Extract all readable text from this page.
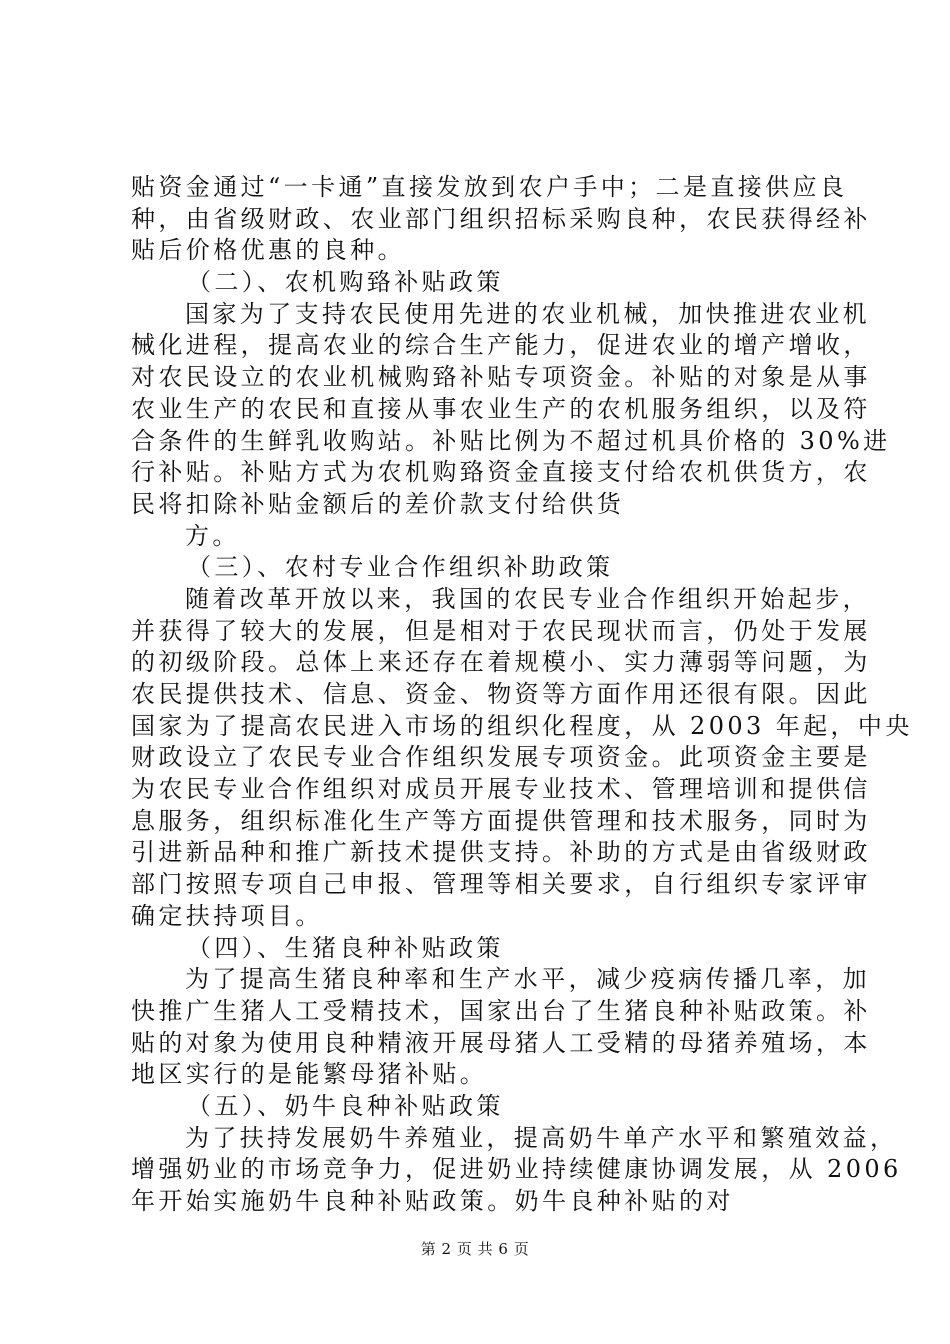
贴资金通过“一卡通”直接发放到农户手中；二是直接供应良
种，由省级财政、农业部门组织招标采购良种，农民获得经补
贴后价格优惠的良种。
（二）、农机购臵补贴政策
国家为了支持农民使用先进的农业机械，加快推进农业机
械化进程，提高农业的综合生产能力，促进农业的增产增收，
对农民设立的农业机械购臵补贴专项资金。补贴的对象是从事
农业生产的农民和直接从事农业生产的农机服务组织，以及符
合条件的生鲜乳收购站。补贴比例为不超过机具价格的 30%进
行补贴。补贴方式为农机购臵资金直接支付给农机供货方，农
民将扣除补贴金额后的差价款支付给供货
方。
（三）、农村专业合作组织补助政策
随着改革开放以来，我国的农民专业合作组织开始起步，
并获得了较大的发展，但是相对于农民现状而言，仍处于发展
的初级阶段。总体上来还存在着规模小、实力薄弱等问题，为
农民提供技术、信息、资金、物资等方面作用还很有限。因此
国家为了提高农民进入市场的组织化程度，从 2003 年起，中央
财政设立了农民专业合作组织发展专项资金。此项资金主要是
为农民专业合作组织对成员开展专业技术、管理培训和提供信
息服务，组织标准化生产等方面提供管理和技术服务，同时为
引进新品种和推广新技术提供支持。补助的方式是由省级财政
部门按照专项自己申报、管理等相关要求，自行组织专家评审
确定扶持项目。
（四）、生猪良种补贴政策
为了提高生猪良种率和生产水平，减少疫病传播几率，加
快推广生猪人工受精技术，国家出台了生猪良种补贴政策。补
贴的对象为使用良种精液开展母猪人工受精的母猪养殖场，本
地区实行的是能繁母猪补贴。
（五）、奶牛良种补贴政策
为了扶持发展奶牛养殖业，提高奶牛单产水平和繁殖效益，
增强奶业的市场竞争力，促进奶业持续健康协调发展，从 2006
年开始实施奶牛良种补贴政策。奶牛良种补贴的对
第 2 页 共 6 页
